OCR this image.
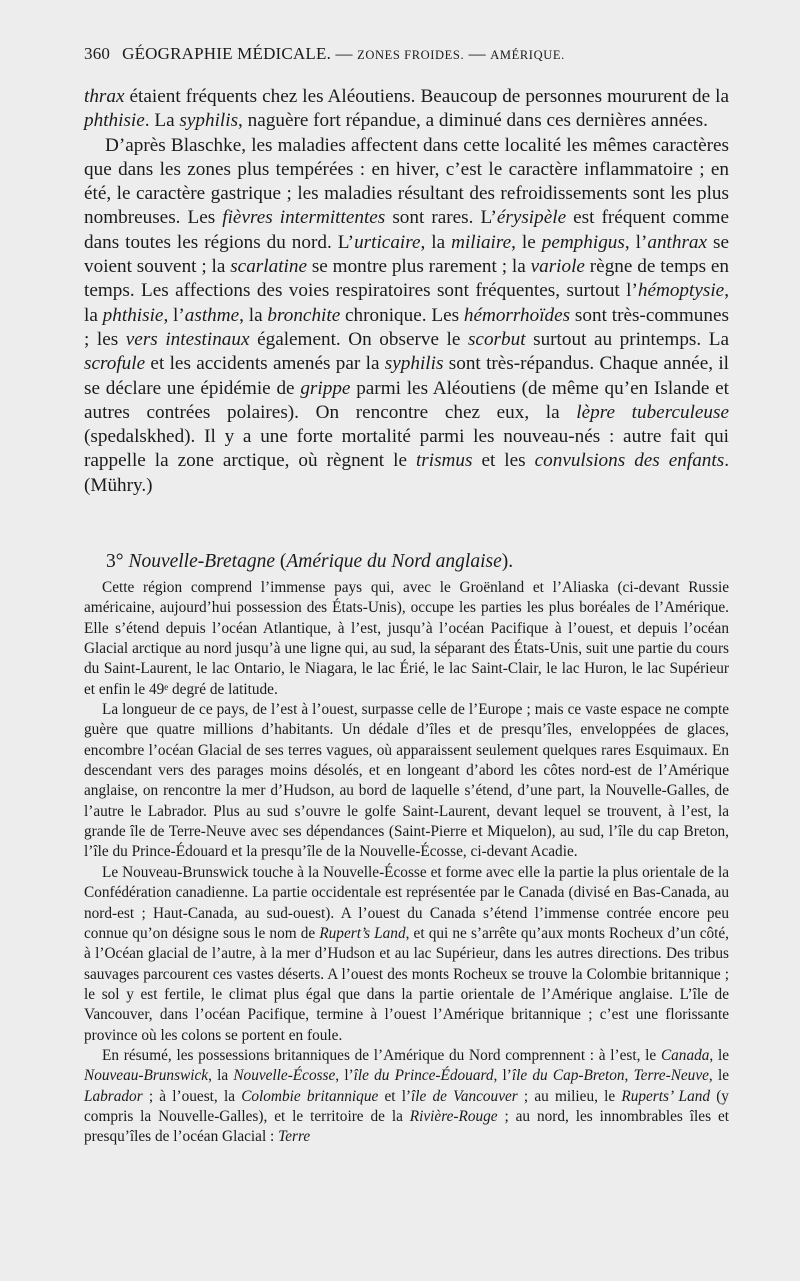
360 GÉOGRAPHIE MÉDICALE. — ZONES FROIDES. — AMÉRIQUE.

thrax étaient fréquents chez les Aléoutiens. Beaucoup de personnes moururent de la phthisie. La syphilis, naguère fort répandue, a diminué dans ces dernières années.

D’après Blaschke, les maladies affectent dans cette localité les mêmes caractères que dans les zones plus tempérées : en hiver, c’est le caractère inflammatoire ; en été, le caractère gastrique ; les maladies résultant des refroidissements sont les plus nombreuses. Les fièvres intermittentes sont rares. L’érysipèle est fréquent comme dans toutes les régions du nord. L’urticaire, la miliaire, le pemphigus, l’anthrax se voient souvent ; la scarlatine se montre plus rarement ; la variole règne de temps en temps. Les affections des voies respiratoires sont fréquentes, surtout l’hémoptysie, la phthisie, l’asthme, la bronchite chronique. Les hémorrhoïdes sont très-communes ; les vers intestinaux également. On observe le scorbut surtout au printemps. La scrofule et les accidents amenés par la syphilis sont très-répandus. Chaque année, il se déclare une épidémie de grippe parmi les Aléoutiens (de même qu’en Islande et autres contrées polaires). On rencontre chez eux, la lèpre tuberculeuse (spedalskhed). Il y a une forte mortalité parmi les nouveau-nés : autre fait qui rappelle la zone arctique, où règnent le trismus et les convulsions des enfants. (Mühry.)

3° Nouvelle-Bretagne (Amérique du Nord anglaise).

Cette région comprend l’immense pays qui, avec le Groënland et l’Aliaska (ci-devant Russie américaine, aujourd’hui possession des États-Unis), occupe les parties les plus boréales de l’Amérique. Elle s’étend depuis l’océan Atlantique, à l’est, jusqu’à l’océan Pacifique à l’ouest, et depuis l’océan Glacial arctique au nord jusqu’à une ligne qui, au sud, la séparant des États-Unis, suit une partie du cours du Saint-Laurent, le lac Ontario, le Niagara, le lac Érié, le lac Saint-Clair, le lac Huron, le lac Supérieur et enfin le 49ᵉ degré de latitude.

La longueur de ce pays, de l’est à l’ouest, surpasse celle de l’Europe ; mais ce vaste espace ne compte guère que quatre millions d’habitants. Un dédale d’îles et de presqu’îles, enveloppées de glaces, encombre l’océan Glacial de ses terres vagues, où apparaissent seulement quelques rares Esquimaux. En descendant vers des parages moins désolés, et en longeant d’abord les côtes nord-est de l’Amérique anglaise, on rencontre la mer d’Hudson, au bord de laquelle s’étend, d’une part, la Nouvelle-Galles, de l’autre le Labrador. Plus au sud s’ouvre le golfe Saint-Laurent, devant lequel se trouvent, à l’est, la grande île de Terre-Neuve avec ses dépendances (Saint-Pierre et Miquelon), au sud, l’île du cap Breton, l’île du Prince-Édouard et la presqu’île de la Nouvelle-Écosse, ci-devant Acadie.

Le Nouveau-Brunswick touche à la Nouvelle-Écosse et forme avec elle la partie la plus orientale de la Confédération canadienne. La partie occidentale est représentée par le Canada (divisé en Bas-Canada, au nord-est ; Haut-Canada, au sud-ouest). A l’ouest du Canada s’étend l’immense contrée encore peu connue qu’on désigne sous le nom de Rupert’s Land, et qui ne s’arrête qu’aux monts Rocheux d’un côté, à l’Océan glacial de l’autre, à la mer d’Hudson et au lac Supérieur, dans les autres directions. Des tribus sauvages parcourent ces vastes déserts. A l’ouest des monts Rocheux se trouve la Colombie britannique ; le sol y est fertile, le climat plus égal que dans la partie orientale de l’Amérique anglaise. L’île de Vancouver, dans l’océan Pacifique, termine à l’ouest l’Amérique britannique ; c’est une florissante province où les colons se portent en foule.

En résumé, les possessions britanniques de l’Amérique du Nord comprennent : à l’est, le Canada, le Nouveau-Brunswick, la Nouvelle-Écosse, l’île du Prince-Édouard, l’île du Cap-Breton, Terre-Neuve, le Labrador ; à l’ouest, la Colombie britannique et l’île de Vancouver ; au milieu, le Ruperts’ Land (y compris la Nouvelle-Galles), et le territoire de la Rivière-Rouge ; au nord, les innombrables îles et presqu’îles de l’océan Glacial : Terre
